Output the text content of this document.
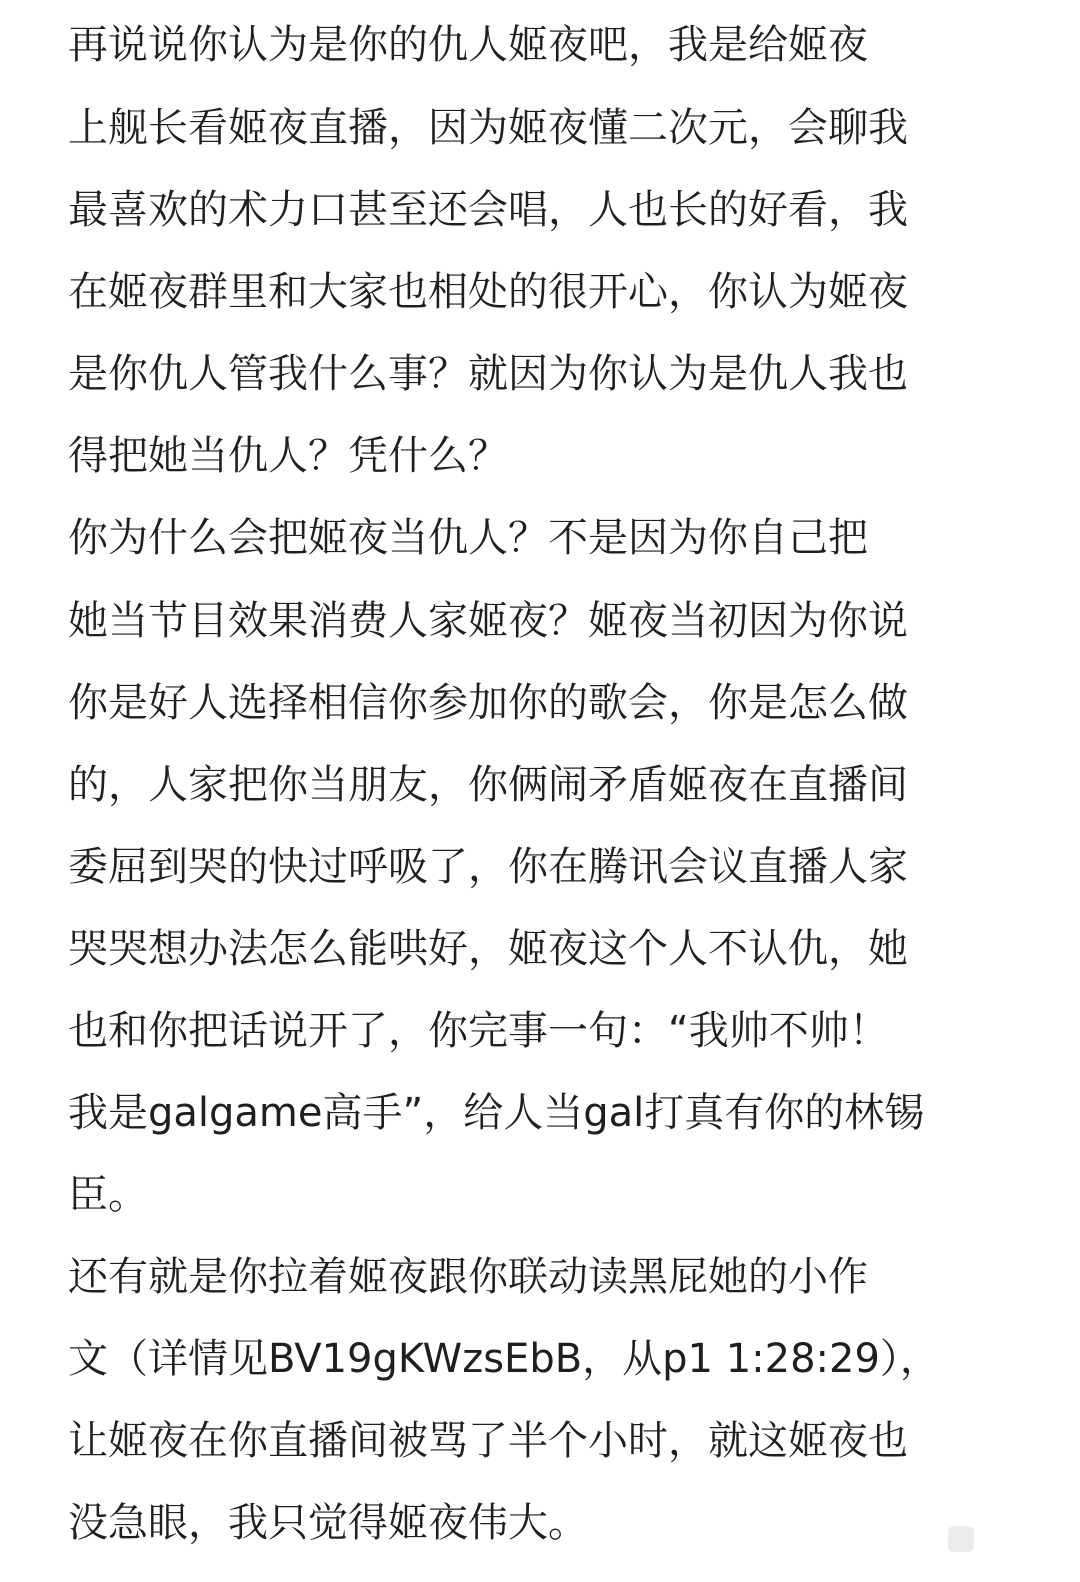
再说说你认为是你的仇人姬夜吧，我是给姬夜
上舰长看姬夜直播，因为姬夜懂二次元，会聊我
最喜欢的术力口甚至还会唱，人也长的好看，我
在姬夜群里和大家也相处的很开心，你认为姬夜
是你仇人管我什么事？就因为你认为是仇人我也
得把她当仇人？凭什么？
你为什么会把姬夜当仇人？不是因为你自己把
她当节目效果消费人家姬夜？姬夜当初因为你说
你是好人选择相信你参加你的歌会，你是怎么做
的，人家把你当朋友，你俩闹矛盾姬夜在直播间
委屈到哭的快过呼吸了，你在腾讯会议直播人家
哭哭想办法怎么能哄好，姬夜这个人不认仇，她
也和你把话说开了，你完事一句：“我帅不帅！
我是galgame高手”，给人当gal打真有你的林锡
臣。
还有就是你拉着姬夜跟你联动读黑屁她的小作
文（详情见BV19gKWzsEbB，从p1 1:28:29），
让姬夜在你直播间被骂了半个小时，就这姬夜也
没急眼，我只觉得姬夜伟大。
